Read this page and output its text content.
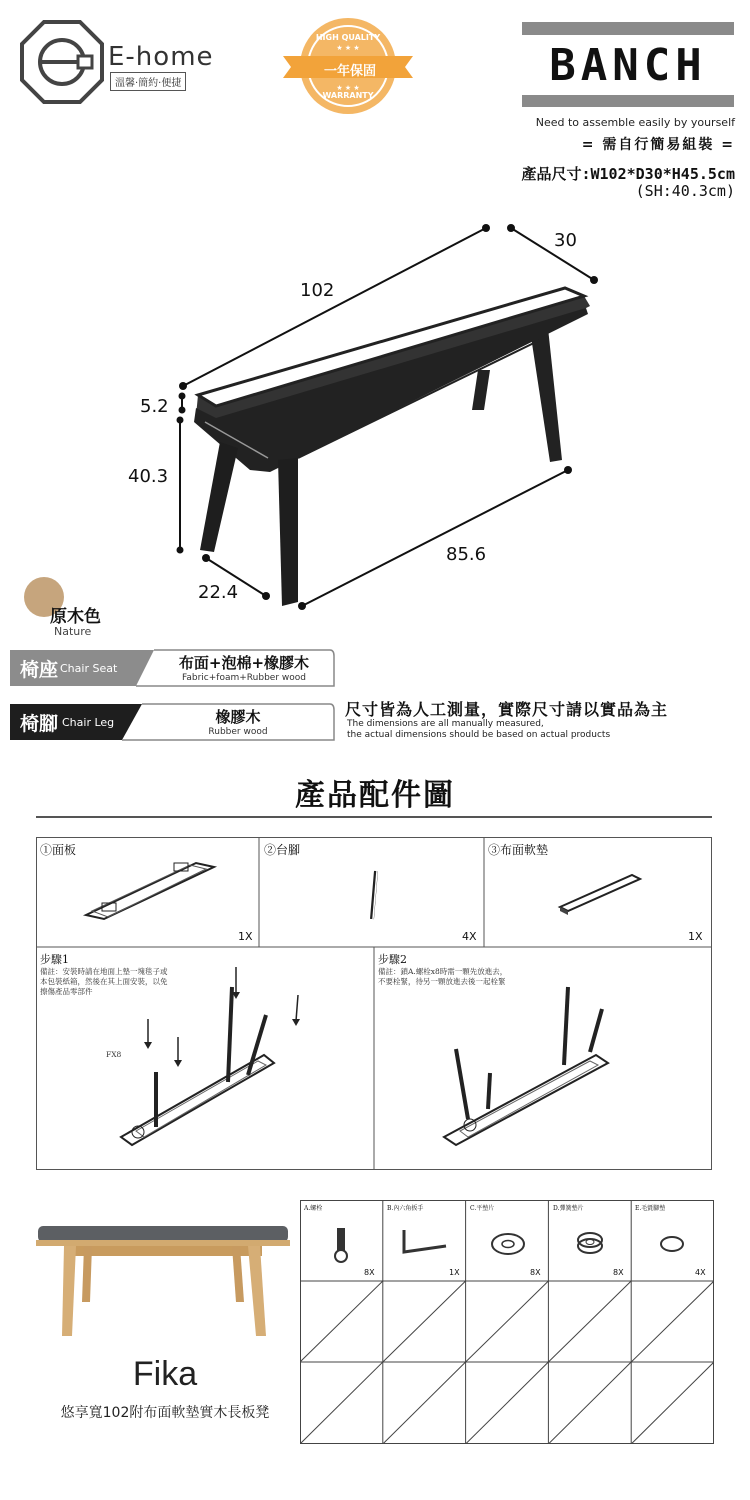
E-home
溫馨·簡約·便捷
HIGH QUALITY
WARRANTY
★ ★ ★
★ ★ ★
一年保固	BANCH
Need to assemble easily by yourself
= 需自行簡易組裝 =
產品尺寸:W102*D30*H45.5cm
(SH:40.3cm)
102
30
5.2
40.3
85.6
22.4
原木色
Nature
椅座 Chair Seat	布面+泡棉+橡膠木
Fabric+foam+Rubber wood
椅腳 Chair Leg	橡膠木
Rubber wood
尺寸皆為人工測量，實際尺寸請以實品為主
The dimensions are all manually measured,
the actual dimensions should be based on actual products
產品配件圖
①面板
1X
②台腳
4X
③布面軟墊
1X
步驟1
備註：安裝時請在地面上墊一塊毯子或
本包裝紙箱，然後在其上面安裝，以免
擦傷產品零部件
FX8
步驟2
備註：鎖A.螺栓x8時需一顆先放進去，
不要栓緊，待另一顆放進去後一起栓緊
Fika
悠享寬102附布面軟墊實木長板凳
A.螺栓
8X
B.內六角扳手
1X
C.平墊片
8X
D.彈簧墊片
8X
E.毛氈腳墊
4X
